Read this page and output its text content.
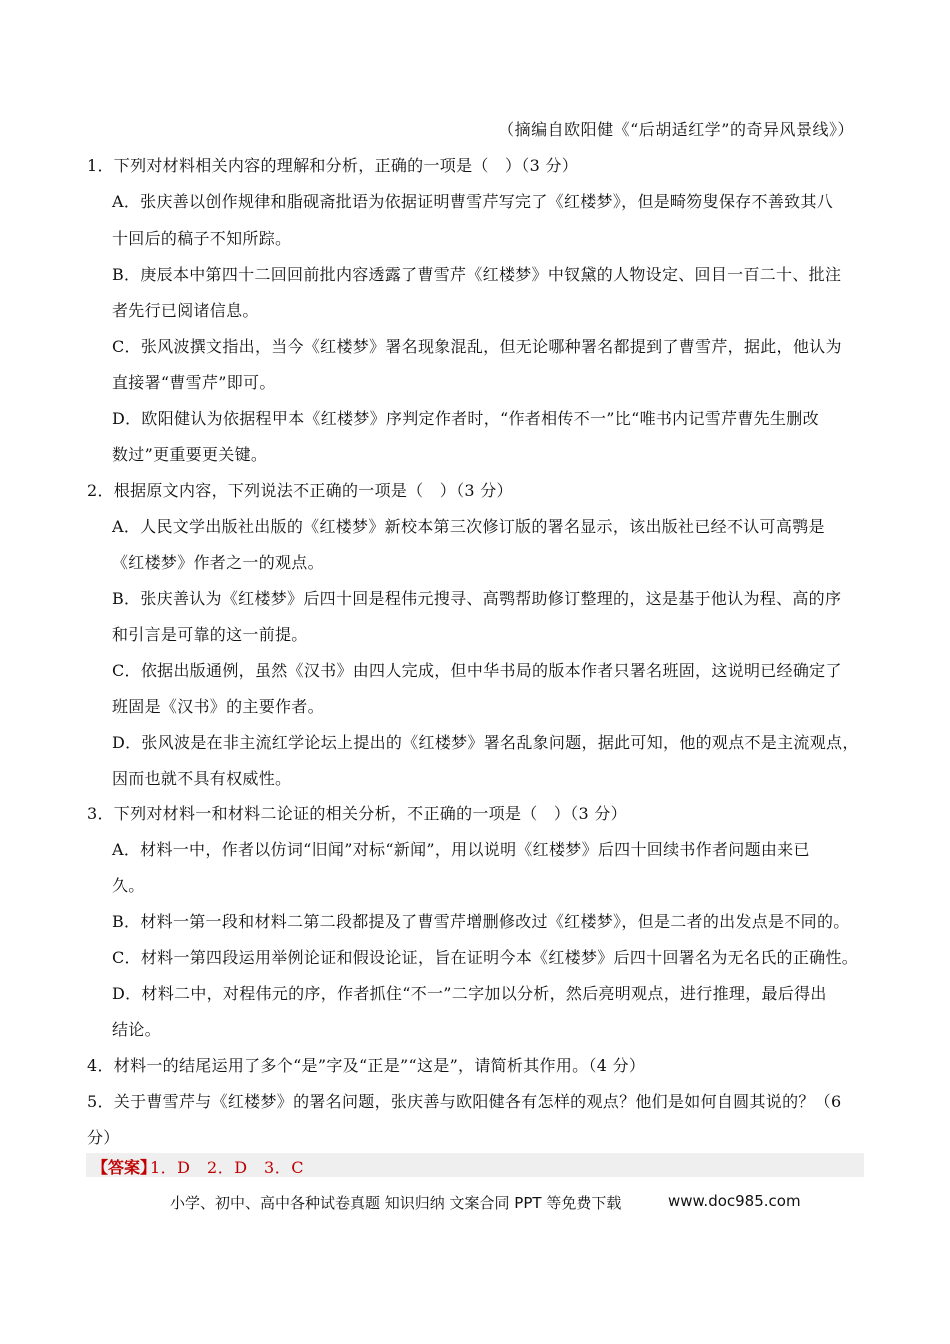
（摘编自欧阳健《“后胡适红学”的奇异风景线》）
1．下列对材料相关内容的理解和分析，正确的一项是（　）（3 分）
A．张庆善以创作规律和脂砚斋批语为依据证明曹雪芹写完了《红楼梦》，但是畸笏叟保存不善致其八
十回后的稿子不知所踪。
B．庚辰本中第四十二回回前批内容透露了曹雪芹《红楼梦》中钗黛的人物设定、回目一百二十、批注
者先行已阅诸信息。
C．张风波撰文指出，当今《红楼梦》署名现象混乱，但无论哪种署名都提到了曹雪芹，据此，他认为
直接署“曹雪芹”即可。
D．欧阳健认为依据程甲本《红楼梦》序判定作者时，“作者相传不一”比“唯书内记雪芹曹先生删改
数过”更重要更关键。
2．根据原文内容，下列说法不正确的一项是（　）（3 分）
A．人民文学出版社出版的《红楼梦》新校本第三次修订版的署名显示，该出版社已经不认可高鹗是
《红楼梦》作者之一的观点。
B．张庆善认为《红楼梦》后四十回是程伟元搜寻、高鹗帮助修订整理的，这是基于他认为程、高的序
和引言是可靠的这一前提。
C．依据出版通例，虽然《汉书》由四人完成，但中华书局的版本作者只署名班固，这说明已经确定了
班固是《汉书》的主要作者。
D．张风波是在非主流红学论坛上提出的《红楼梦》署名乱象问题，据此可知，他的观点不是主流观点，
因而也就不具有权威性。
3．下列对材料一和材料二论证的相关分析，不正确的一项是（　）（3 分）
A．材料一中，作者以仿词“旧闻”对标“新闻”，用以说明《红楼梦》后四十回续书作者问题由来已
久。
B．材料一第一段和材料二第二段都提及了曹雪芹增删修改过《红楼梦》，但是二者的出发点是不同的。
C．材料一第四段运用举例论证和假设论证，旨在证明今本《红楼梦》后四十回署名为无名氏的正确性。
D．材料二中，对程伟元的序，作者抓住“不一”二字加以分析，然后亮明观点，进行推理，最后得出
结论。
4．材料一的结尾运用了多个“是”字及“正是”“这是”，请简析其作用。（4 分）
5．关于曹雪芹与《红楼梦》的署名问题，张庆善与欧阳健各有怎样的观点？他们是如何自圆其说的？（6
分）
【答案】
1．D　2．D　3．C
小学、初中、高中各种试卷真题 知识归纳 文案合同 PPT 等免费下载	www.doc985.com
